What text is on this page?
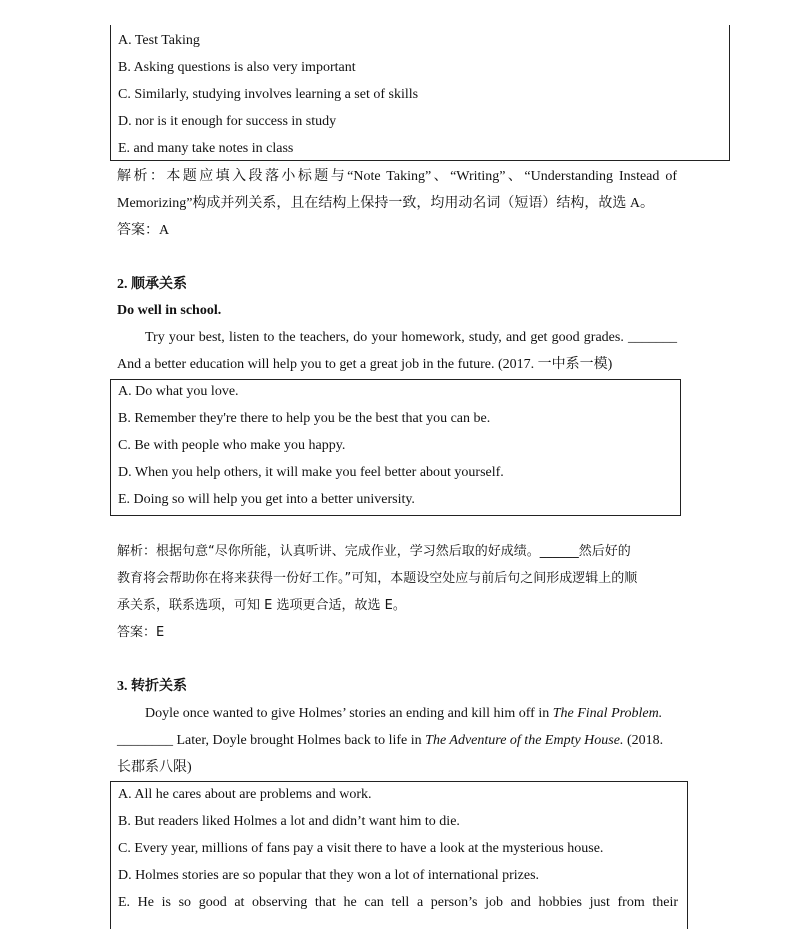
A. Test Taking
B. Asking questions is also very important
C. Similarly, studying involves learning a set of skills
D. nor is it enough for success in study
E. and many take notes in class
解析：本题应填入段落小标题与“Note Taking”、“Writing”、“Understanding Instead of
Memorizing”构成并列关系，且在结构上保持一致，均用动名词（短语）结构，故选 A。
答案：A
2. 顺承关系
Do well in school.
Try your best, listen to the teachers, do your homework, study, and get good grades. _______
And a better education will help you to get a great job in the future. (2017. 一中系一模)
A. Do what you love.
B. Remember they're there to help you be the best that you can be.
C. Be with people who make you happy.
D. When you help others, it will make you feel better about yourself.
E. Doing so will help you get into a better university.
解析：根据句意“尽你所能，认真听讲、完成作业，学习然后取的好成绩。______然后好的
教育将会帮助你在将来获得一份好工作。”可知，本题设空处应与前后句之间形成逻辑上的顺
承关系，联系选项，可知 E 选项更合适，故选 E。
答案：E
3. 转折关系
Doyle once wanted to give Holmes’ stories an ending and kill him off in The Final Problem.
________ Later, Doyle brought Holmes back to life in The Adventure of the Empty House. (2018.
长郡系八限)
A. All he cares about are problems and work.
B. But readers liked Holmes a lot and didn’t want him to die.
C. Every year, millions of fans pay a visit there to have a look at the mysterious house.
D. Holmes stories are so popular that they won a lot of international prizes.
E. He is so good at observing that he can tell a person’s job and hobbies just from their
